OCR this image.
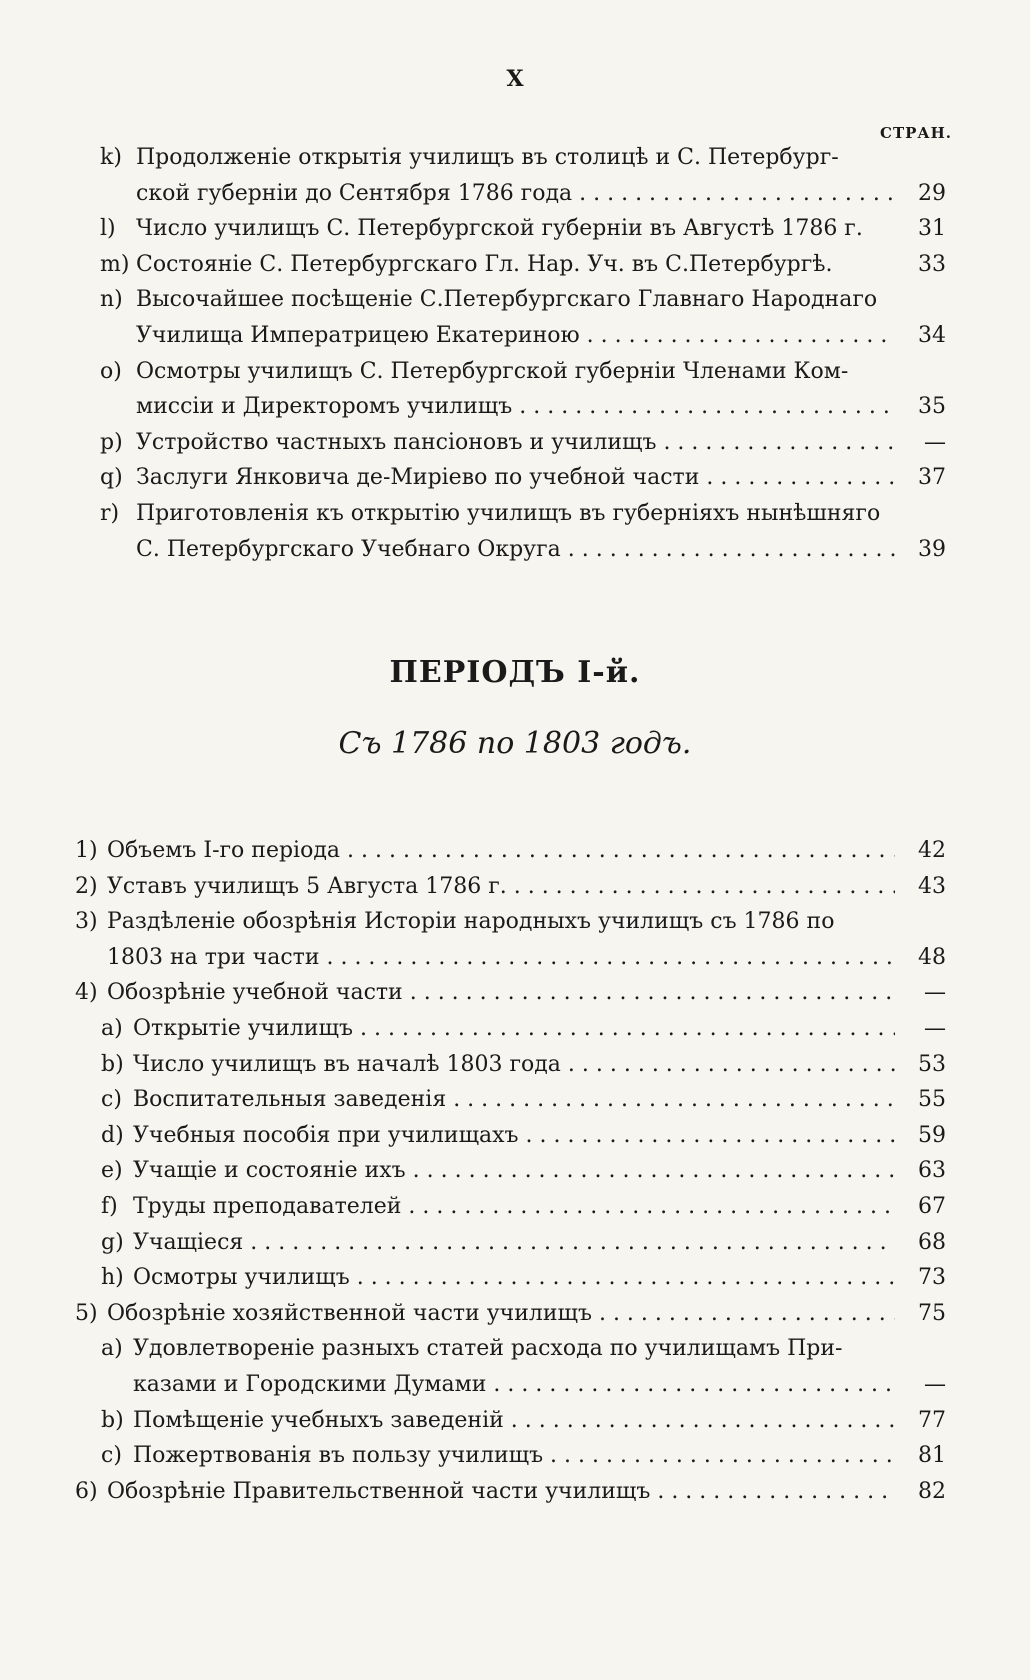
X
СТРАН.
k) Продолженіе открытія училищъ въ столицѣ и С. Петербург-
ской губерніи до Сентября 1786 года . . .	29
l) Число училищъ С. Петербургской губерніи въ Августѣ 1786 г.	31
m) Состояніе С. Петербургскаго Гл. Нар. Уч. въ С.Петербургѣ.	33
n) Высочайшее посѣщеніе С.Петербургскаго Главнаго Народнаго
Училища Императрицею Екатериною . . .	34
o) Осмотры училищъ С. Петербургской губерніи Членами Ком-
миссіи и Директоромъ училищъ . . .	35
p) Устройство частныхъ пансіоновъ и училищъ . . .	—
q) Заслуги Янковича де-Миріево по учебной части . . .	37
r) Приготовленія къ открытію училищъ въ губерніяхъ нынѣшняго
С. Петербургскаго Учебнаго Округа . . .	39
ПЕРІОДЪ I-й.
Съ 1786 по 1803 годъ.
1) Объемъ I-го періода . . .	42
2) Уставъ училищъ 5 Августа 1786 г. . . .	43
3) Раздѣленіе обозрѣнія Исторіи народныхъ училищъ съ 1786 по
1803 на три части . . .	48
4) Обозрѣніе учебной части . . .	—
a) Открытіе училищъ . . .	—
b) Число училищъ въ началѣ 1803 года . . .	53
c) Воспитательныя заведенія . . .	55
d) Учебныя пособія при училищахъ . . .	59
e) Учащіе и состояніе ихъ . . .	63
f) Труды преподавателей . . .	67
g) Учащіеся . . .	68
h) Осмотры училищъ . . .	73
5) Обозрѣніе хозяйственной части училищъ . . .	75
a) Удовлетвореніе разныхъ статей расхода по училищамъ При-
казами и Городскими Думами . . .	—
b) Помѣщеніе учебныхъ заведеній . . .	77
c) Пожертвованія въ пользу училищъ . . .	81
6) Обозрѣніе Правительственной части училищъ . . .	82
